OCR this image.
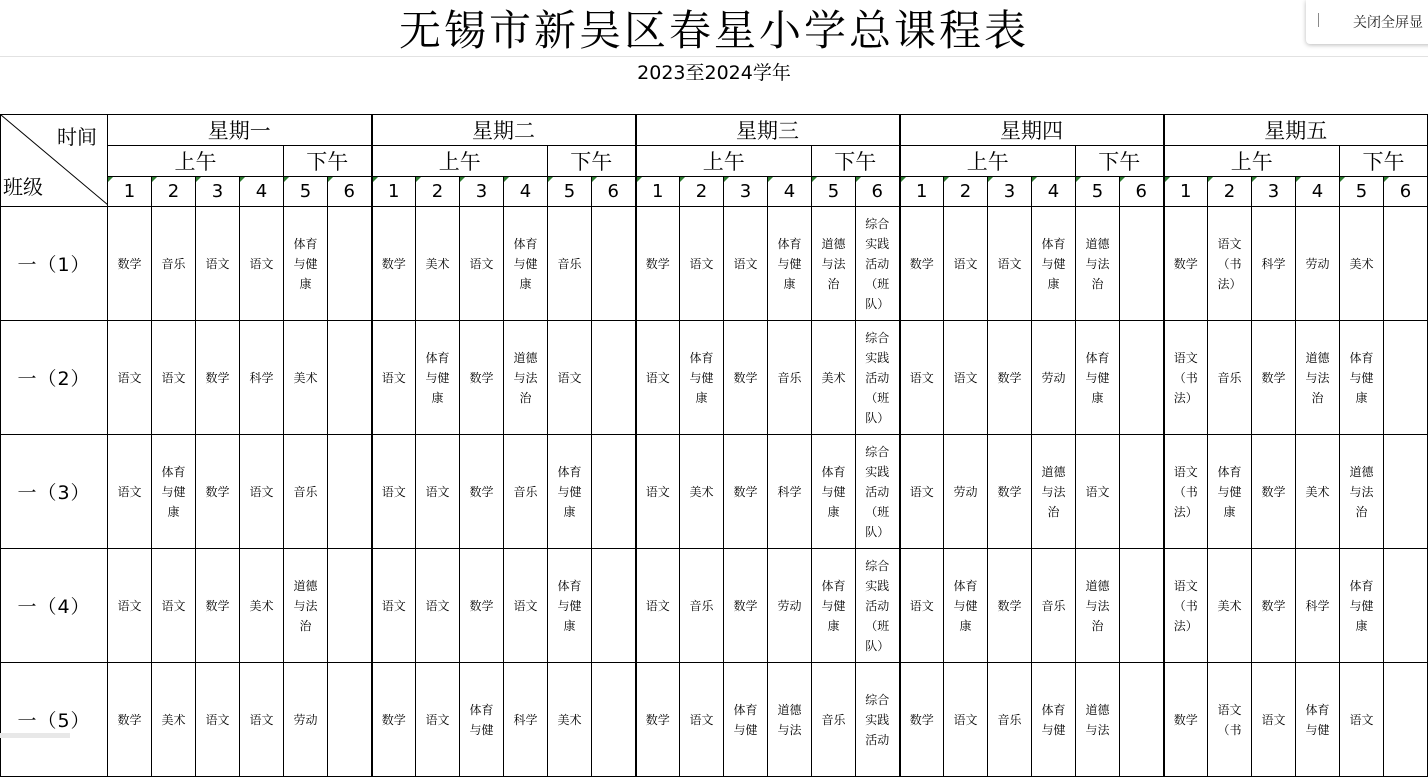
无锡市新吴区春星小学总课程表
2023至2024学年
关闭全屏显
时间
班级	星期一						星期二						星期三						星期四						星期五					
	上午				下午		上午				下午		上午				下午		上午				下午		上午				下午	
	1	2	3	4	5	6	1	2	3	4	5	6	1	2	3	4	5	6	1	2	3	4	5	6	1	2	3	4	5	6
一（1）	数学	音乐	语文	语文	体育与健康		数学	美术	语文	体育与健康	音乐		数学	语文	语文	体育与健康	道德与法治	综合实践活动（班队）	数学	语文	语文	体育与健康	道德与法治		数学	语文（书法）	科学	劳动	美术	
一（2）	语文	语文	数学	科学	美术		语文	体育与健康	数学	道德与法治	语文		语文	体育与健康	数学	音乐	美术	综合实践活动（班队）	语文	语文	数学	劳动	体育与健康		语文（书法）	音乐	数学	道德与法治	体育与健康	
一（3）	语文	体育与健康	数学	语文	音乐		语文	语文	数学	音乐	体育与健康		语文	美术	数学	科学	体育与健康	综合实践活动（班队）	语文	劳动	数学	道德与法治	语文		语文（书法）	体育与健康	数学	美术	道德与法治	
一（4）	语文	语文	数学	美术	道德与法治		语文	语文	数学	语文	体育与健康		语文	音乐	数学	劳动	体育与健康	综合实践活动（班队）	语文	体育与健康	数学	音乐	道德与法治		语文（书法）	美术	数学	科学	体育与健康	
一（5）	数学	美术	语文	语文	劳动		数学	语文	体育与健	科学	美术		数学	语文	体育与健	道德与法	音乐	综合实践活动	数学	语文	音乐	体育与健	道德与法		数学	语文（书	语文	体育与健	语文	
